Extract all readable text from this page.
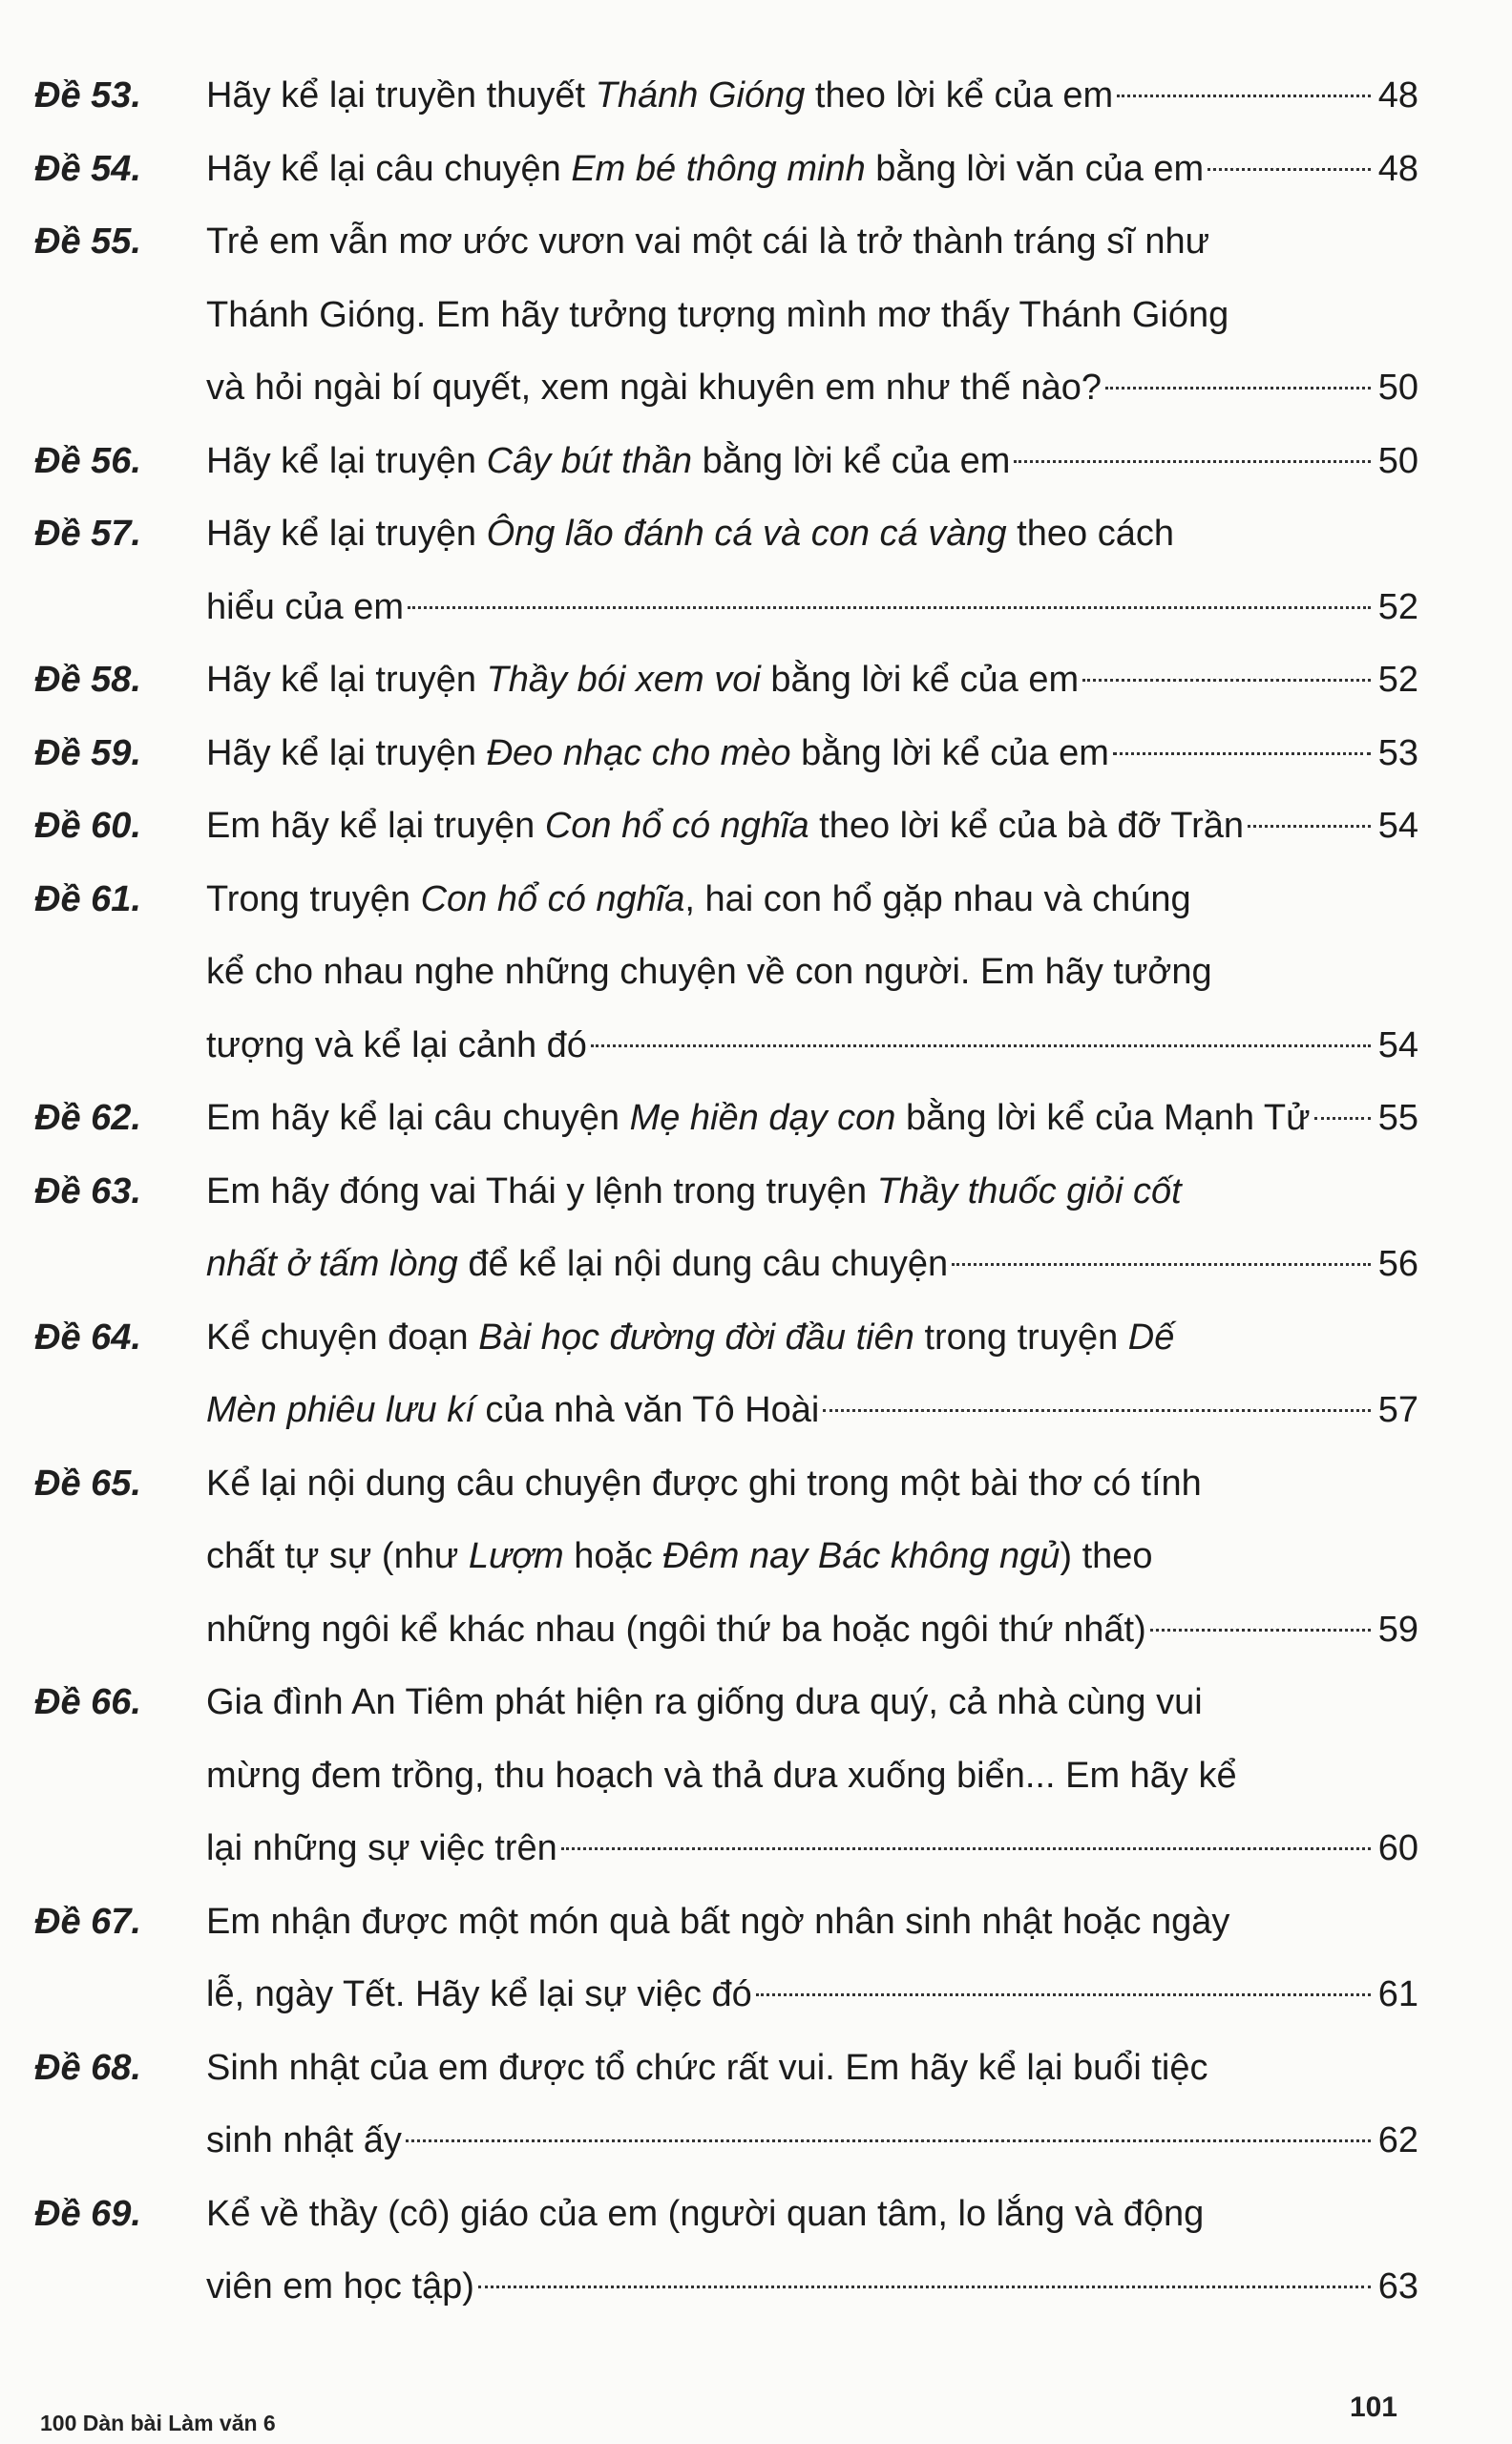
Đề 53.	Hãy kể lại truyền thuyết Thánh Gióng theo lời kể của em	48
Đề 54.	Hãy kể lại câu chuyện Em bé thông minh bằng lời văn của em	48
Đề 55.	Trẻ em vẫn mơ ước vươn vai một cái là trở thành tráng sĩ như
Thánh Gióng. Em hãy tưởng tượng mình mơ thấy Thánh Gióng
và hỏi ngài bí quyết, xem ngài khuyên em như thế nào?	50
Đề 56.	Hãy kể lại truyện Cây bút thần bằng lời kể của em	50
Đề 57.	Hãy kể lại truyện Ông lão đánh cá và con cá vàng theo cách
hiểu của em	52
Đề 58.	Hãy kể lại truyện Thầy bói xem voi bằng lời kể của em	52
Đề 59.	Hãy kể lại truyện Đeo nhạc cho mèo bằng lời kể của em	53
Đề 60.	Em hãy kể lại truyện Con hổ có nghĩa theo lời kể của bà đỡ Trần	54
Đề 61.	Trong truyện Con hổ có nghĩa, hai con hổ gặp nhau và chúng
kể cho nhau nghe những chuyện về con người. Em hãy tưởng
tượng và kể lại cảnh đó	54
Đề 62.	Em hãy kể lại câu chuyện Mẹ hiền dạy con bằng lời kể của Mạnh Tử 55
Đề 63.	Em hãy đóng vai Thái y lệnh trong truyện Thầy thuốc giỏi cốt
nhất ở tấm lòng để kể lại nội dung câu chuyện	56
Đề 64.	Kể chuyện đoạn Bài học đường đời đầu tiên trong truyện Dế
Mèn phiêu lưu kí của nhà văn Tô Hoài	57
Đề 65.	Kể lại nội dung câu chuyện được ghi trong một bài thơ có tính
chất tự sự (như Lượm hoặc Đêm nay Bác không ngủ) theo
những ngôi kể khác nhau (ngôi thứ ba hoặc ngôi thứ nhất)	59
Đề 66.	Gia đình An Tiêm phát hiện ra giống dưa quý, cả nhà cùng vui
mừng đem trồng, thu hoạch và thả dưa xuống biển... Em hãy kể
lại những sự việc trên	60
Đề 67.	Em nhận được một món quà bất ngờ nhân sinh nhật hoặc ngày
lễ, ngày Tết. Hãy kể lại sự việc đó	61
Đề 68.	Sinh nhật của em được tổ chức rất vui. Em hãy kể lại buổi tiệc
sinh nhật ấy	62
Đề 69.	Kể về thầy (cô) giáo của em (người quan tâm, lo lắng và động
viên em học tập)	63
100 Dàn bài Làm văn 6	101
